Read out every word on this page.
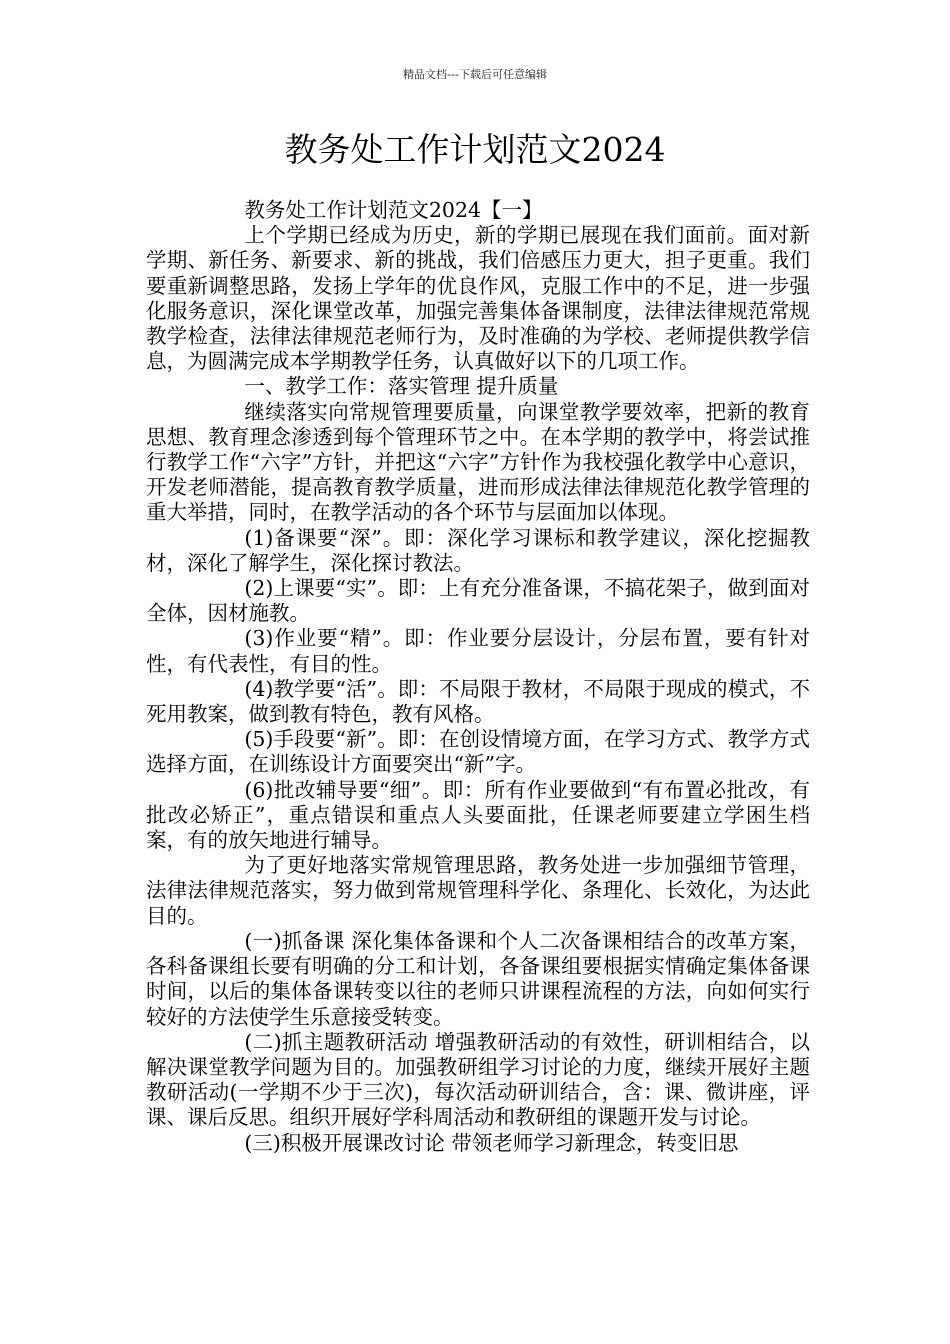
精品文档---下载后可任意编辑
教务处工作计划范文2024

教务处工作计划范文2024【一】

上个学期已经成为历史，新的学期已展现在我们面前。面对新学期、新任务、新要求、新的挑战，我们倍感压力更大，担子更重。我们要重新调整思路，发扬上学年的优良作风，克服工作中的不足，进一步强化服务意识，深化课堂改革，加强完善集体备课制度，法律法律规范常规教学检查，法律法律规范老师行为，及时准确的为学校、老师提供教学信息，为圆满完成本学期教学任务，认真做好以下的几项工作。

一、教学工作：落实管理 提升质量

继续落实向常规管理要质量，向课堂教学要效率，把新的教育思想、教育理念渗透到每个管理环节之中。在本学期的教学中，将尝试推行教学工作“六字”方针，并把这“六字”方针作为我校强化教学中心意识，开发老师潜能，提高教育教学质量，进而形成法律法律规范化教学管理的重大举措，同时，在教学活动的各个环节与层面加以体现。

(1)备课要“深”。即：深化学习课标和教学建议，深化挖掘教材，深化了解学生，深化探讨教法。

(2)上课要“实”。即：上有充分准备课，不搞花架子，做到面对全体，因材施教。

(3)作业要“精”。即：作业要分层设计，分层布置，要有针对性，有代表性，有目的性。

(4)教学要“活”。即：不局限于教材，不局限于现成的模式，不死用教案，做到教有特色，教有风格。

(5)手段要“新”。即：在创设情境方面，在学习方式、教学方式选择方面，在训练设计方面要突出“新”字。

(6)批改辅导要“细”。即：所有作业要做到“有布置必批改，有批改必矫正”，重点错误和重点人头要面批，任课老师要建立学困生档案，有的放矢地进行辅导。

为了更好地落实常规管理思路，教务处进一步加强细节管理，法律法律规范落实，努力做到常规管理科学化、条理化、长效化，为达此目的。

(一)抓备课 深化集体备课和个人二次备课相结合的改革方案，各科备课组长要有明确的分工和计划，各备课组要根据实情确定集体备课时间，以后的集体备课转变以往的老师只讲课程流程的方法，向如何实行较好的方法使学生乐意接受转变。

(二)抓主题教研活动 增强教研活动的有效性，研训相结合，以解决课堂教学问题为目的。加强教研组学习讨论的力度，继续开展好主题教研活动(一学期不少于三次)，每次活动研训结合，含：课、微讲座，评课、课后反思。组织开展好学科周活动和教研组的课题开发与讨论。

(三)积极开展课改讨论 带领老师学习新理念，转变旧思
